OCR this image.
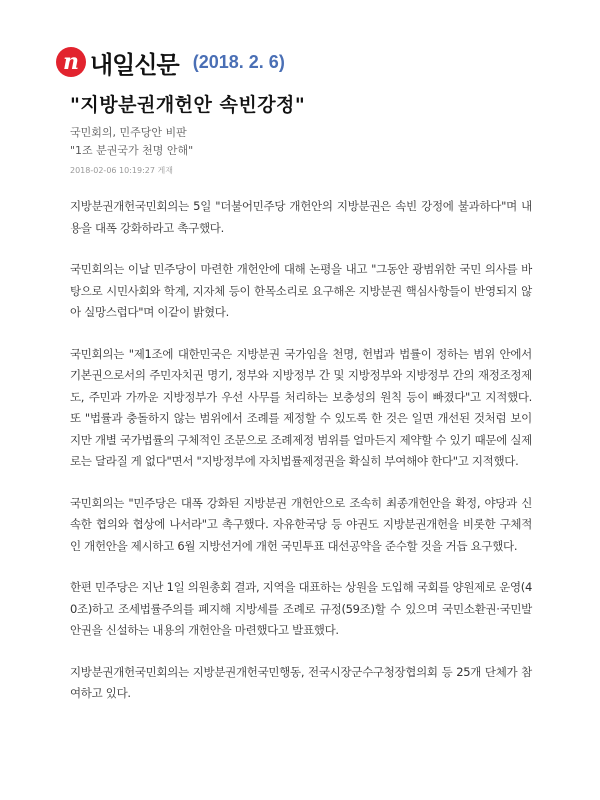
n 내일신문 (2018. 2. 6)
"지방분권개헌안 속빈강정"
국민회의, 민주당안 비판
"1조 분권국가 천명 안해"
2018-02-06 10:19:27 게재

지방분권개헌국민회의는 5일 "더불어민주당 개헌안의 지방분권은 속빈 강정에 불과하다"며 내용을 대폭 강화하라고 촉구했다.

국민회의는 이날 민주당이 마련한 개헌안에 대해 논평을 내고 "그동안 광범위한 국민 의사를 바탕으로 시민사회와 학계, 지자체 등이 한목소리로 요구해온 지방분권 핵심사항들이 반영되지 않아 실망스럽다"며 이같이 밝혔다.

국민회의는 "제1조에 대한민국은 지방분권 국가임을 천명, 헌법과 법률이 정하는 범위 안에서 기본권으로서의 주민자치권 명기, 정부와 지방정부 간 및 지방정부와 지방정부 간의 재정조정제도, 주민과 가까운 지방정부가 우선 사무를 처리하는 보충성의 원칙 등이 빠졌다"고 지적했다. 또 "법률과 충돌하지 않는 범위에서 조례를 제정할 수 있도록 한 것은 일면 개선된 것처럼 보이지만 개별 국가법률의 구체적인 조문으로 조례제정 범위를 얼마든지 제약할 수 있기 때문에 실제로는 달라질 게 없다"면서 "지방정부에 자치법률제정권을 확실히 부여해야 한다"고 지적했다.

국민회의는 "민주당은 대폭 강화된 지방분권 개헌안으로 조속히 최종개헌안을 확정, 야당과 신속한 협의와 협상에 나서라"고 촉구했다. 자유한국당 등 야권도 지방분권개헌을 비롯한 구체적인 개헌안을 제시하고 6월 지방선거에 개헌 국민투표 대선공약을 준수할 것을 거듭 요구했다.

한편 민주당은 지난 1일 의원총회 결과, 지역을 대표하는 상원을 도입해 국회를 양원제로 운영(40조)하고 조세법률주의를 폐지해 지방세를 조례로 규정(59조)할 수 있으며 국민소환권·국민발안권을 신설하는 내용의 개헌안을 마련했다고 발표했다.

지방분권개헌국민회의는 지방분권개헌국민행동, 전국시장군수구청장협의회 등 25개 단체가 참여하고 있다.
